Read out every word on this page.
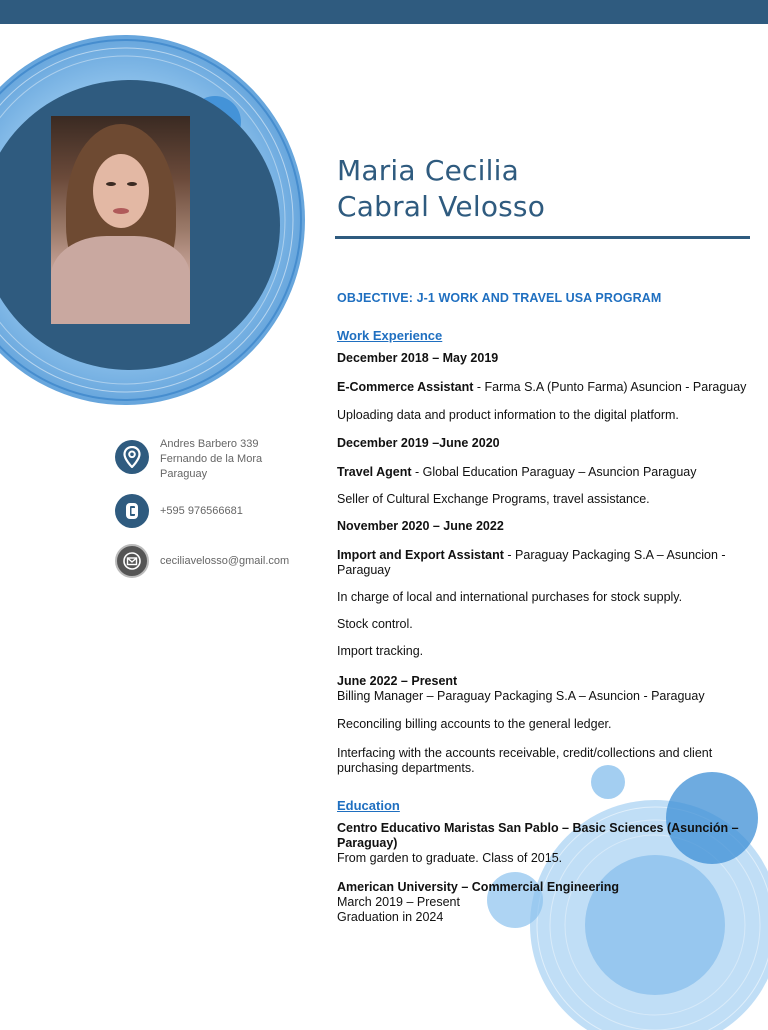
Maria Cecilia
Cabral Velosso
OBJECTIVE: J-1 WORK AND TRAVEL USA PROGRAM
Work Experience

December 2018 – May 2019

E-Commerce Assistant - Farma S.A (Punto Farma) Asuncion - Paraguay

Uploading data and product information to the digital platform.

December 2019 –June 2020

Travel Agent - Global Education Paraguay – Asuncion Paraguay

Seller of Cultural Exchange Programs, travel assistance.

November 2020 – June 2022

Import and Export Assistant - Paraguay Packaging S.A – Asuncion - Paraguay

In charge of local and international purchases for stock supply.

Stock control.

Import tracking.

June 2022 – Present

Billing Manager – Paraguay Packaging S.A – Asuncion - Paraguay

Reconciling billing accounts to the general ledger.

Interfacing with the accounts receivable, credit/collections and client purchasing departments.

Education

Centro Educativo Maristas San Pablo – Basic Sciences (Asunción – Paraguay)

From garden to graduate. Class of 2015.

American University – Commercial Engineering

March 2019 – Present

Graduation in 2024

Andres Barbero 339
Fernando de la Mora
Paraguay
+595 976566681
ceciliavelosso@gmail.com
